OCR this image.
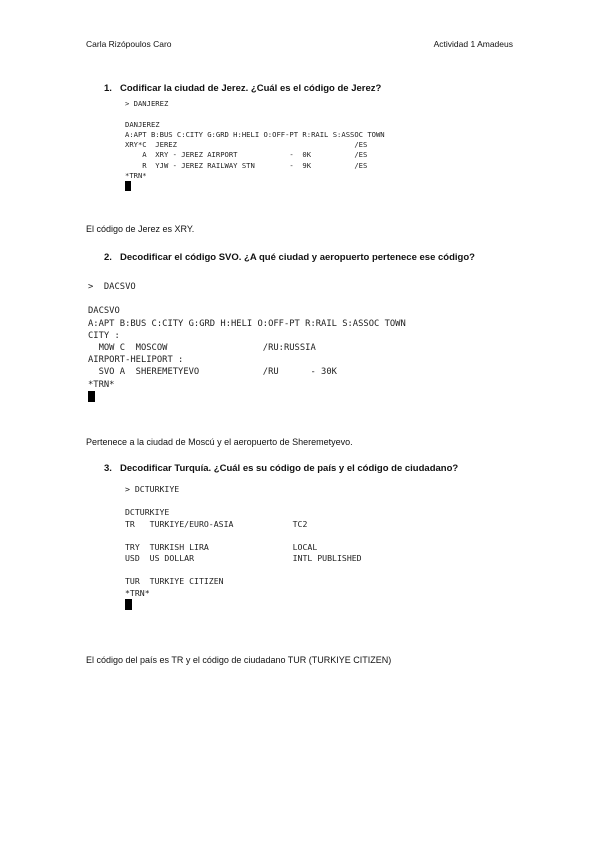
Carla Rizópoulos Caro	Actividad 1 Amadeus
1. Codificar la ciudad de Jerez. ¿Cuál es el código de Jerez?
> DANJEREZ

DANJEREZ
A:APT B:BUS C:CITY G:GRD H:HELI O:OFF-PT R:RAIL S:ASSOC TOWN
XRY*C  JEREZ                                         /ES
A  XRY - JEREZ AIRPORT            -  0K          /ES
R  YJW - JEREZ RAILWAY STN        -  9K          /ES
*TRN*

El código de Jerez es XRY.
2. Decodificar el código SVO. ¿A qué ciudad y aeropuerto pertenece ese código?
>  DACSVO

DACSVO
A:APT B:BUS C:CITY G:GRD H:HELI O:OFF-PT R:RAIL S:ASSOC TOWN
CITY :
MOW C  MOSCOW                  /RU:RUSSIA
AIRPORT-HELIPORT :
SVO A  SHEREMETYEVO            /RU      - 30K
*TRN*

Pertenece a la ciudad de Moscú y el aeropuerto de Sheremetyevo.
3. Decodificar Turquía. ¿Cuál es su código de país y el código de ciudadano?
> DCTURKIYE

DCTURKIYE
TR   TURKIYE/EURO-ASIA            TC2

TRY  TURKISH LIRA                 LOCAL
USD  US DOLLAR                    INTL PUBLISHED

TUR  TURKIYE CITIZEN
*TRN*

El código del país es TR y el código de ciudadano TUR (TURKIYE CITIZEN)
